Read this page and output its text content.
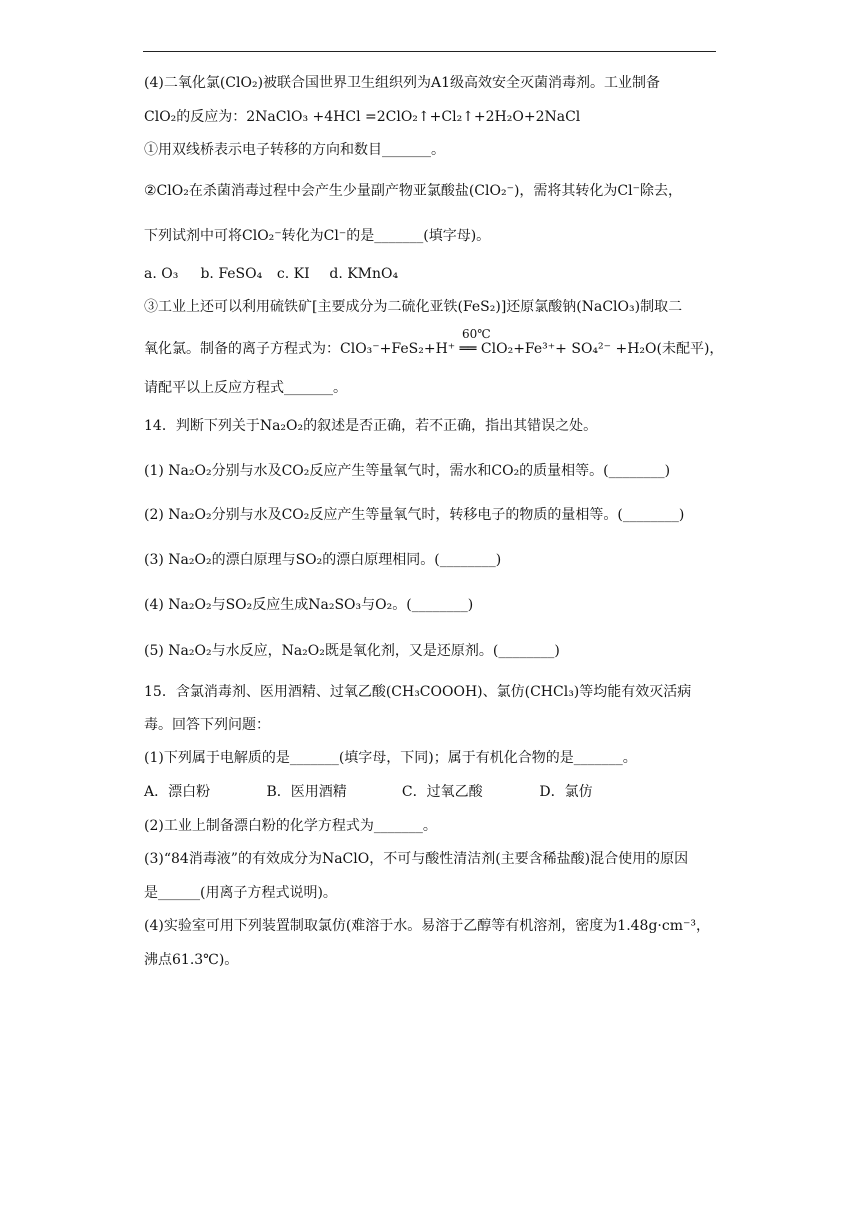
(4)二氧化氯(ClO₂)被联合国世界卫生组织列为A1级高效安全灭菌消毒剂。工业制备
ClO₂的反应为：2NaClO₃ +4HCl =2ClO₂↑+Cl₂↑+2H₂O+2NaCl
①用双线桥表示电子转移的方向和数目_______。
②ClO₂在杀菌消毒过程中会产生少量副产物亚氯酸盐(ClO₂⁻)，需将其转化为Cl⁻除去，
下列试剂中可将ClO₂⁻转化为Cl⁻的是_______(填字母)。
a. O₃ b. FeSO₄ c. KI d. KMnO₄
③工业上还可以利用硫铁矿[主要成分为二硫化亚铁(FeS₂)]还原氯酸钠(NaClO₃)制取二
60℃
氧化氯。制备的离子方程式为：ClO₃⁻+FeS₂+H⁺ ══ ClO₂+Fe³⁺+ SO₄²⁻ +H₂O(未配平)，
请配平以上反应方程式_______。
14．判断下列关于Na₂O₂的叙述是否正确，若不正确，指出其错误之处。
(1) Na₂O₂分别与水及CO₂反应产生等量氧气时，需水和CO₂的质量相等。(________)
(2) Na₂O₂分别与水及CO₂反应产生等量氧气时，转移电子的物质的量相等。(________)
(3) Na₂O₂的漂白原理与SO₂的漂白原理相同。(________)
(4) Na₂O₂与SO₂反应生成Na₂SO₃与O₂。(________)
(5) Na₂O₂与水反应，Na₂O₂既是氧化剂，又是还原剂。(________)
15．含氯消毒剂、医用酒精、过氧乙酸(CH₃COOOH)、氯仿(CHCl₃)等均能有效灭活病
毒。回答下列问题：
(1)下列属于电解质的是_______(填字母，下同)；属于有机化合物的是_______。
A．漂白粉	B．医用酒精	C．过氧乙酸	D．氯仿
(2)工业上制备漂白粉的化学方程式为_______。
(3)“84消毒液”的有效成分为NaClO，不可与酸性清洁剂(主要含稀盐酸)混合使用的原因
是______(用离子方程式说明)。
(4)实验室可用下列装置制取氯仿(难溶于水。易溶于乙醇等有机溶剂，密度为1.48g·cm⁻³，
沸点61.3℃)。
